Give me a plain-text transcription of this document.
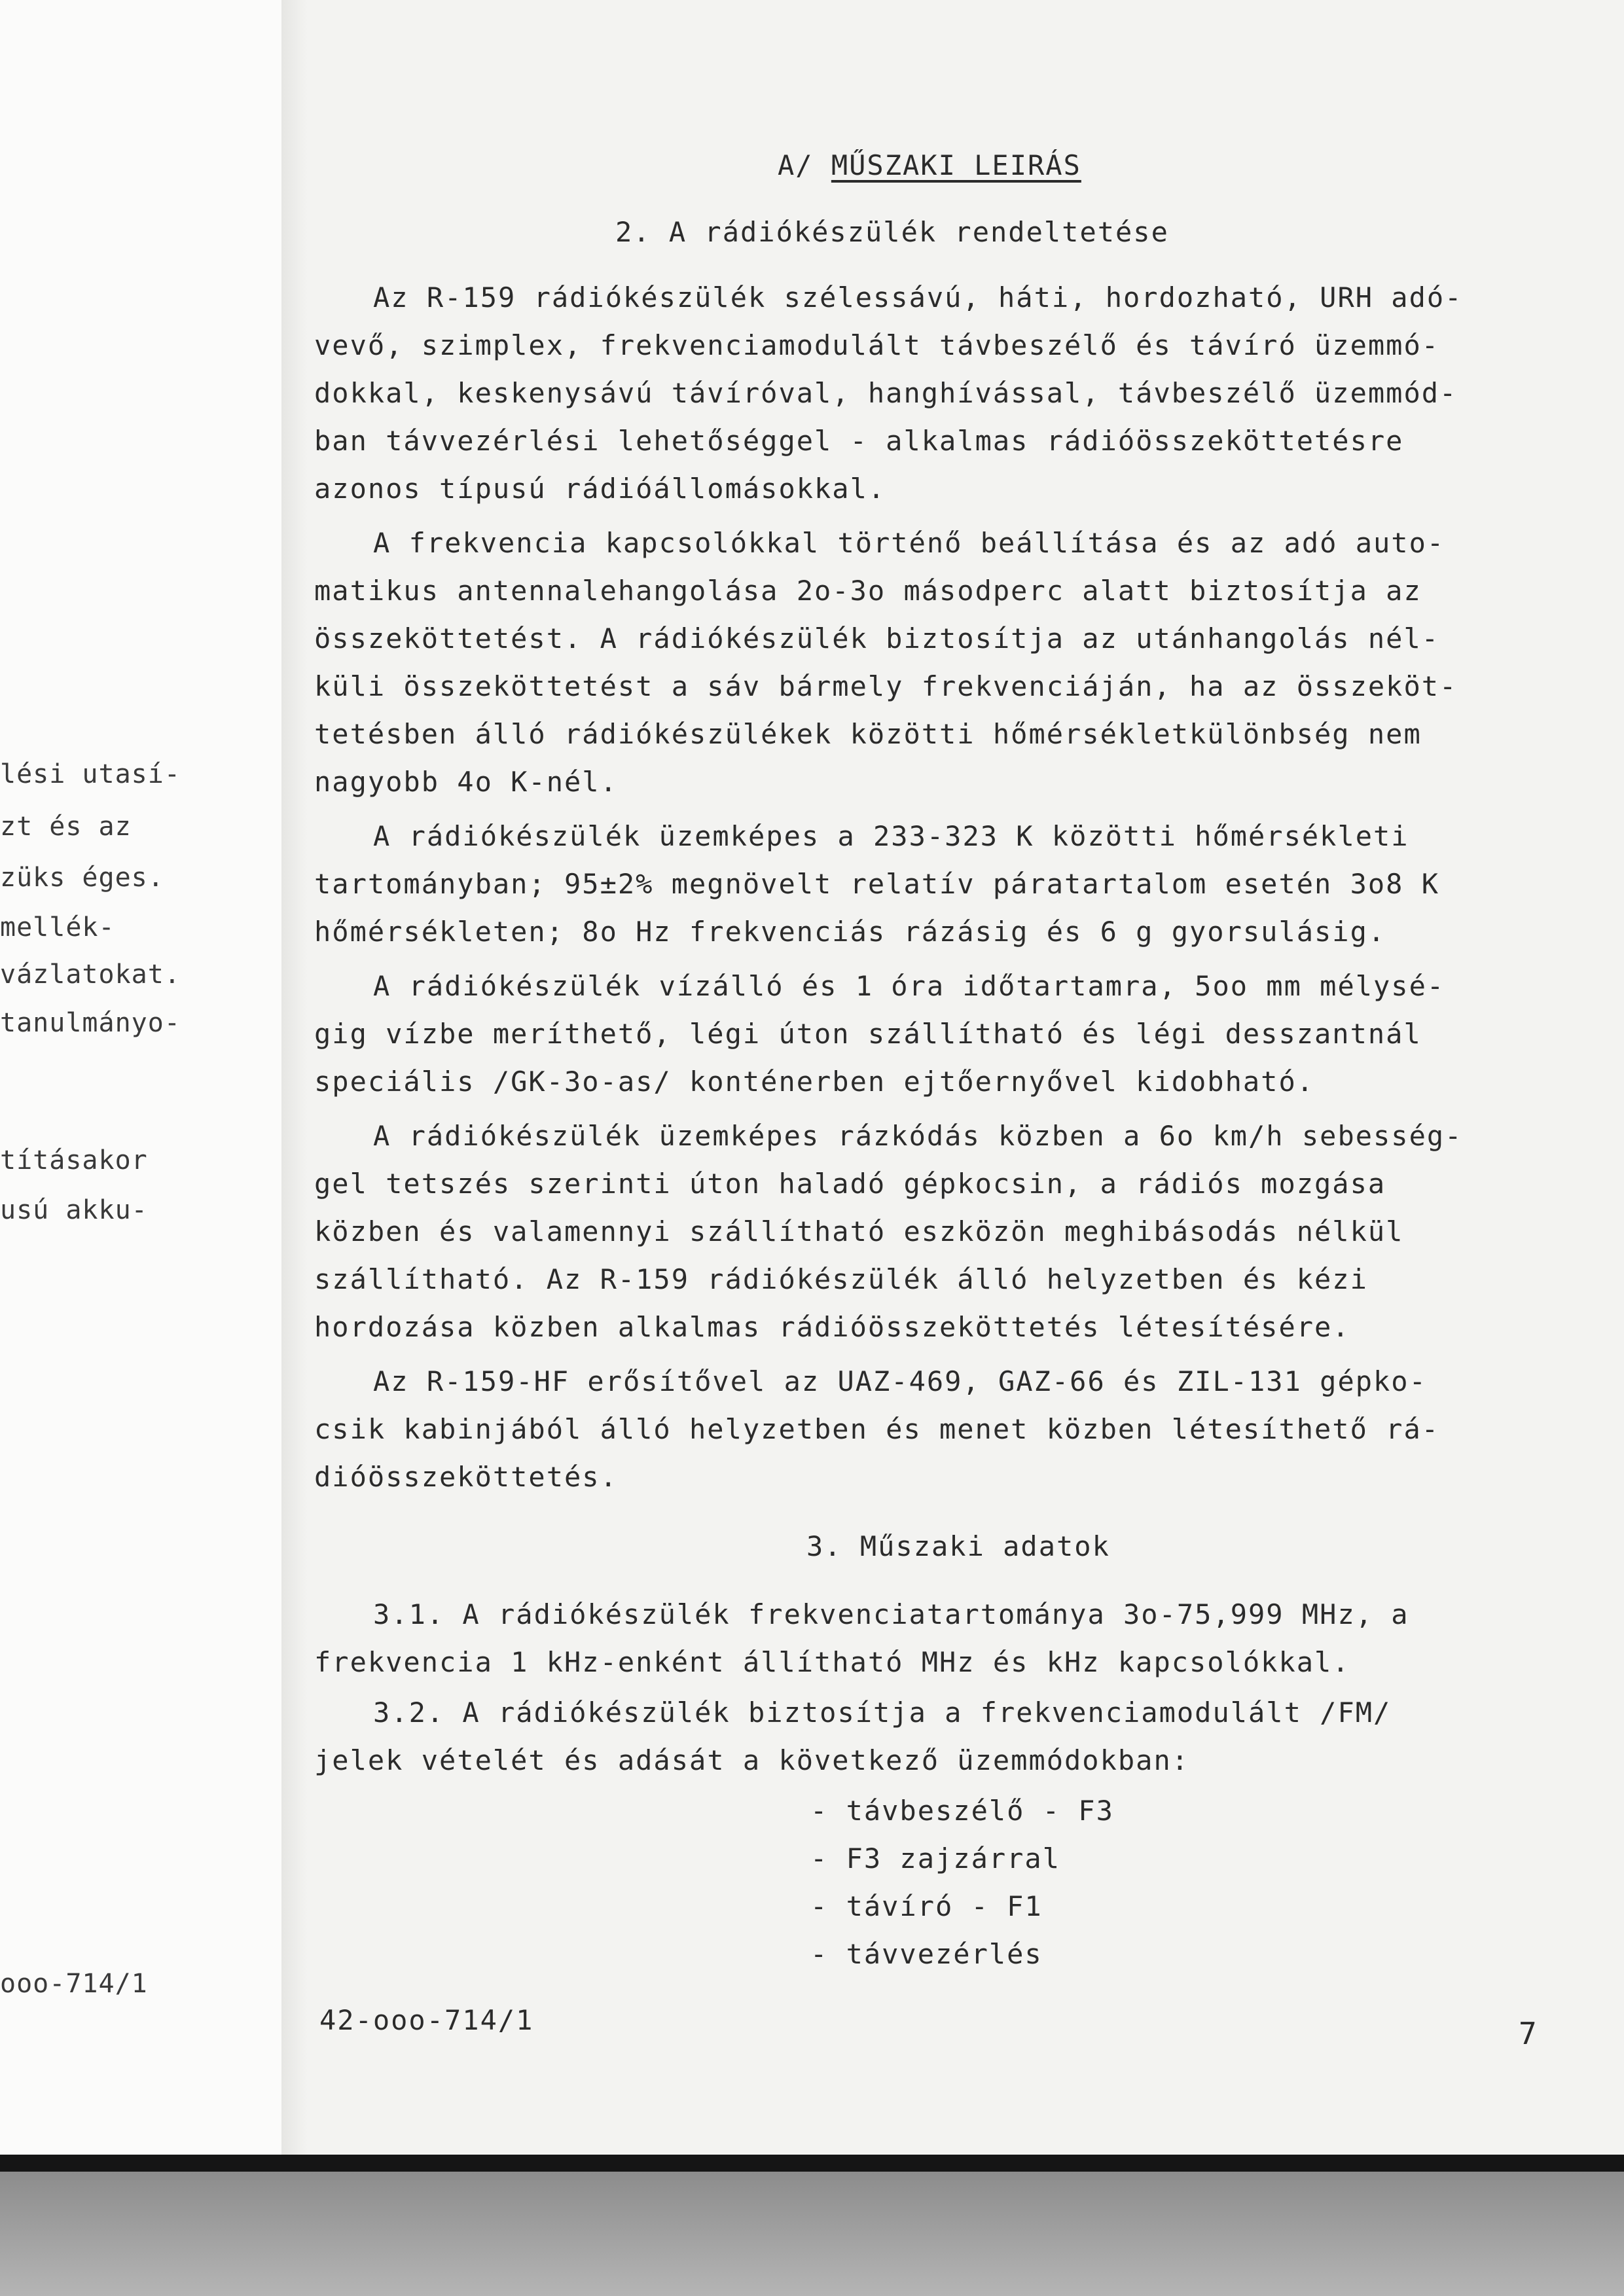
lési utasí-
zt és az
züks éges.
mellék-
vázlatokat.
tanulmányo-
tításakor
usú akku-
ooo-714/1
A/ MŰSZAKI LEIRÁS
2. A rádiókészülék rendeltetése
Az R-159 rádiókészülék szélessávú, háti, hordozható, URH adó-
vevő, szimplex, frekvenciamodulált távbeszélő és távíró üzemmó-
dokkal, keskenysávú távíróval, hanghívással, távbeszélő üzemmód-
ban távvezérlési lehetőséggel - alkalmas rádióösszeköttetésre
azonos típusú rádióállomásokkal.
A frekvencia kapcsolókkal történő beállítása és az adó auto-
matikus antennalehangolása 2o-3o másodperc alatt biztosítja az
összeköttetést. A rádiókészülék biztosítja az utánhangolás nél-
küli összeköttetést a sáv bármely frekvenciáján, ha az összeköt-
tetésben álló rádiókészülékek közötti hőmérsékletkülönbség nem
nagyobb 4o K-nél.
A rádiókészülék üzemképes a 233-323 K közötti hőmérsékleti
tartományban; 95±2% megnövelt relatív páratartalom esetén 3o8 K
hőmérsékleten; 8o Hz frekvenciás rázásig és 6 g gyorsulásig.
A rádiókészülék vízálló és 1 óra időtartamra, 5oo mm mélysé-
gig vízbe meríthető, légi úton szállítható és légi desszantnál
speciális /GK-3o-as/ konténerben ejtőernyővel kidobható.
A rádiókészülék üzemképes rázkódás közben a 6o km/h sebesség-
gel tetszés szerinti úton haladó gépkocsin, a rádiós mozgása
közben és valamennyi szállítható eszközön meghibásodás nélkül
szállítható. Az R-159 rádiókészülék álló helyzetben és kézi
hordozása közben alkalmas rádióösszeköttetés létesítésére.
Az R-159-HF erősítővel az UAZ-469, GAZ-66 és ZIL-131 gépko-
csik kabinjából álló helyzetben és menet közben létesíthető rá-
dióösszeköttetés.
3. Műszaki adatok
3.1. A rádiókészülék frekvenciatartománya 3o-75,999 MHz, a
frekvencia 1 kHz-enként állítható MHz és kHz kapcsolókkal.
3.2. A rádiókészülék biztosítja a frekvenciamodulált /FM/
jelek vételét és adását a következő üzemmódokban:
- távbeszélő - F3
- F3 zajzárral
- távíró - F1
- távvezérlés
42-ooo-714/1	7
